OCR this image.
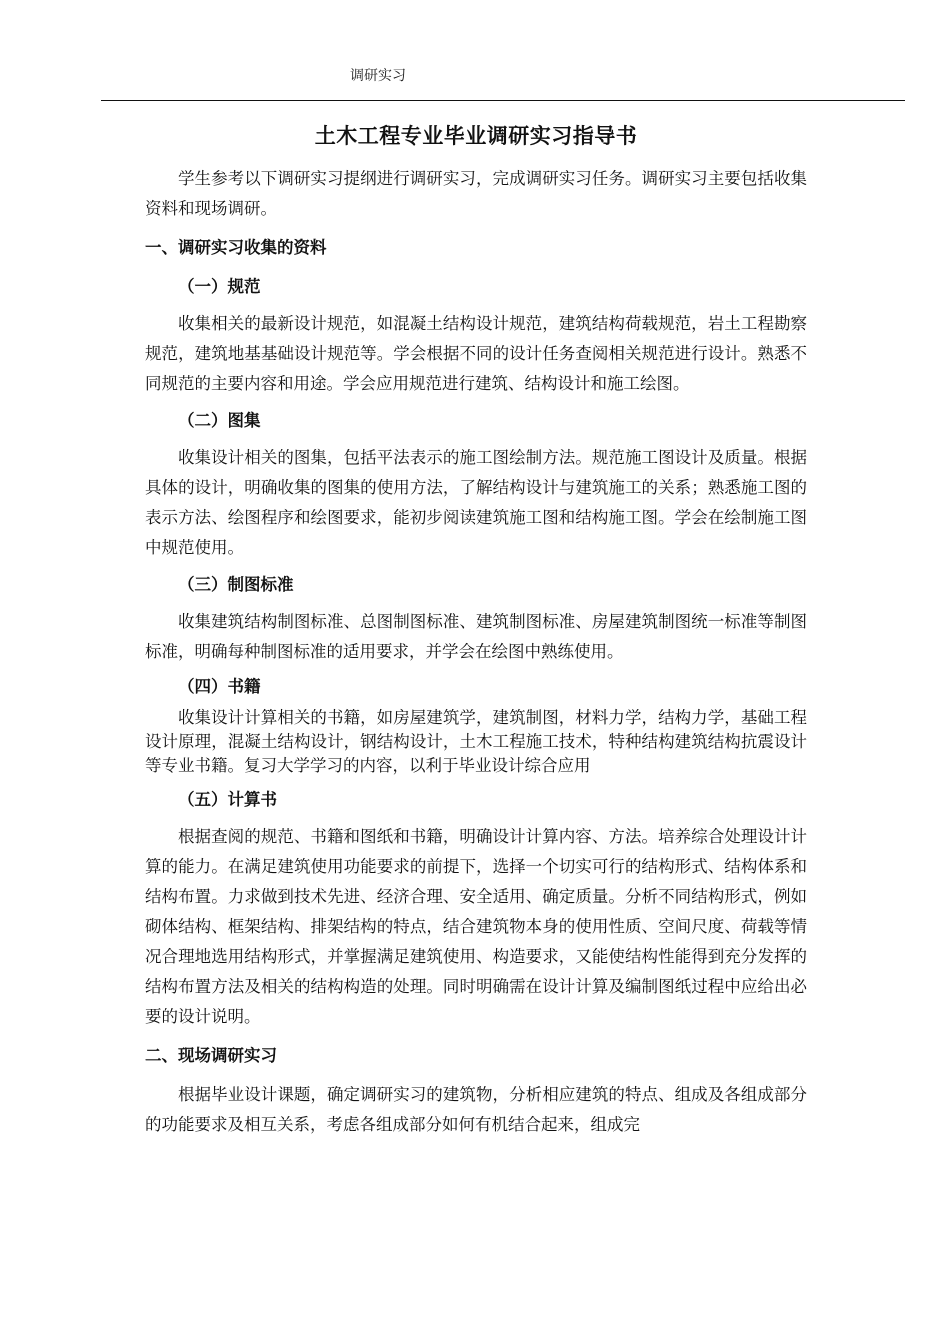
调研实习
土木工程专业毕业调研实习指导书

学生参考以下调研实习提纲进行调研实习，完成调研实习任务。调研实习主要包括收集资料和现场调研。

一、调研实习收集的资料
（一）规范

收集相关的最新设计规范，如混凝土结构设计规范，建筑结构荷载规范，岩土工程勘察规范，建筑地基基础设计规范等。学会根据不同的设计任务查阅相关规范进行设计。熟悉不同规范的主要内容和用途。学会应用规范进行建筑、结构设计和施工绘图。

（二）图集

收集设计相关的图集，包括平法表示的施工图绘制方法。规范施工图设计及质量。根据具体的设计，明确收集的图集的使用方法，了解结构设计与建筑施工的关系；熟悉施工图的表示方法、绘图程序和绘图要求，能初步阅读建筑施工图和结构施工图。学会在绘制施工图中规范使用。

（三）制图标准

收集建筑结构制图标准、总图制图标准、建筑制图标准、房屋建筑制图统一标准等制图标准，明确每种制图标准的适用要求，并学会在绘图中熟练使用。

（四）书籍

收集设计计算相关的书籍，如房屋建筑学，建筑制图，材料力学，结构力学，基础工程设计原理，混凝土结构设计，钢结构设计，土木工程施工技术，特种结构建筑结构抗震设计等专业书籍。复习大学学习的内容，以利于毕业设计综合应用

（五）计算书

根据查阅的规范、书籍和图纸和书籍，明确设计计算内容、方法。培养综合处理设计计算的能力。在满足建筑使用功能要求的前提下，选择一个切实可行的结构形式、结构体系和结构布置。力求做到技术先进、经济合理、安全适用、确定质量。分析不同结构形式，例如砌体结构、框架结构、排架结构的特点，结合建筑物本身的使用性质、空间尺度、荷载等情况合理地选用结构形式，并掌握满足建筑使用、构造要求，又能使结构性能得到充分发挥的结构布置方法及相关的结构构造的处理。同时明确需在设计计算及编制图纸过程中应给出必要的设计说明。

二、现场调研实习

根据毕业设计课题，确定调研实习的建筑物，分析相应建筑的特点、组成及各组成部分的功能要求及相互关系，考虑各组成部分如何有机结合起来，组成完
